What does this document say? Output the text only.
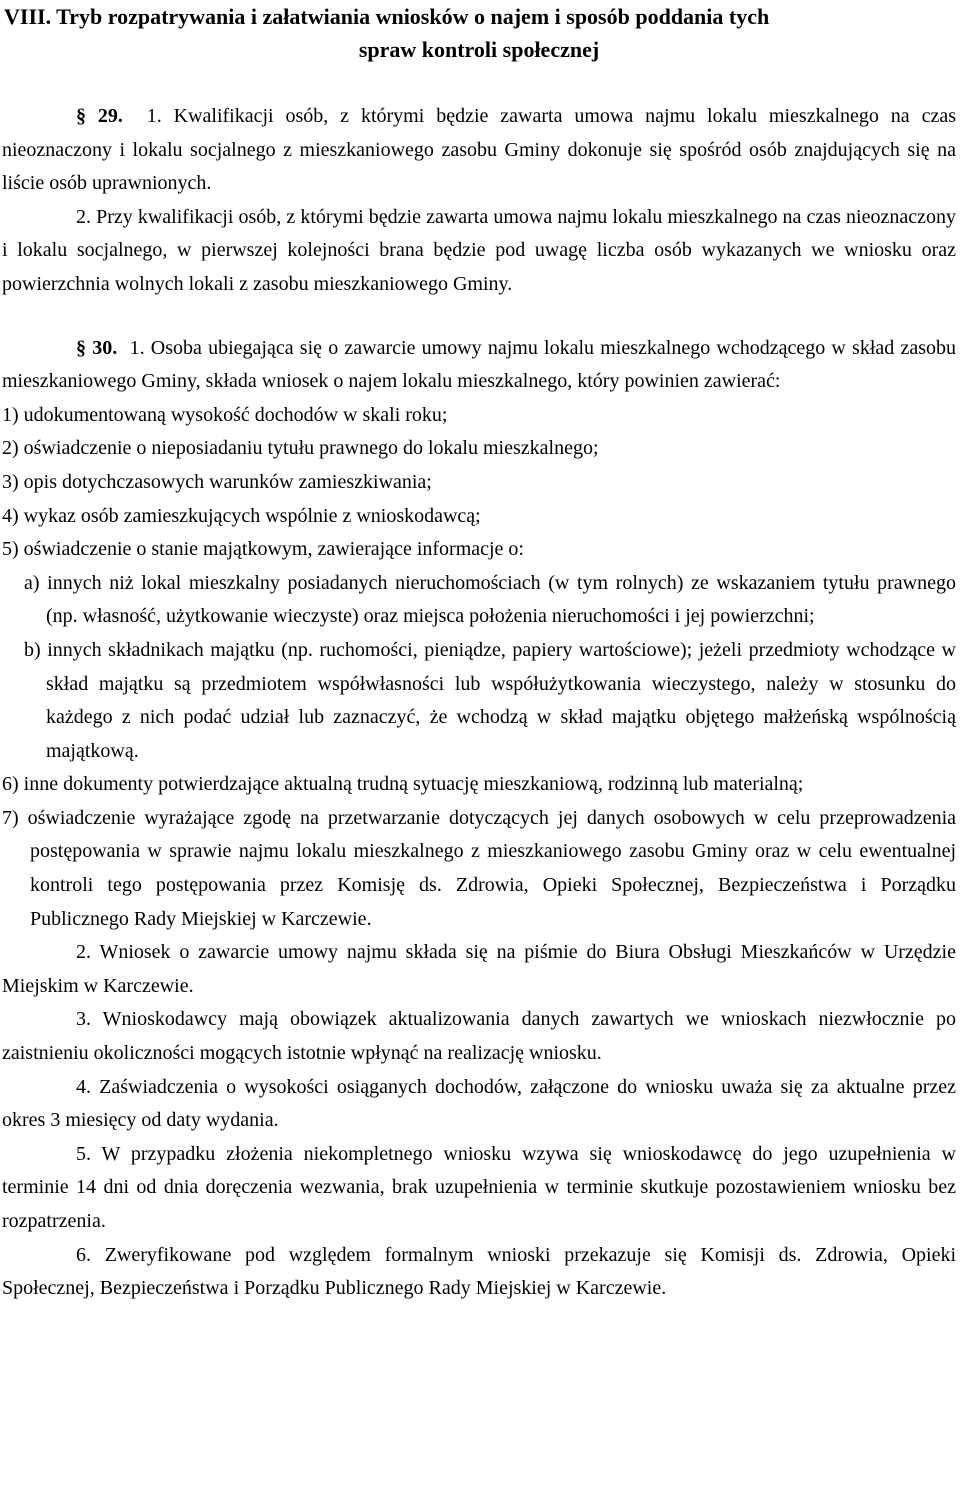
VIII. Tryb rozpatrywania i załatwiania wniosków o najem i sposób poddania tych
spraw kontroli społecznej

§ 29. 1. Kwalifikacji osób, z którymi będzie zawarta umowa najmu lokalu mieszkalnego na czas nieoznaczony i lokalu socjalnego z mieszkaniowego zasobu Gminy dokonuje się spośród osób znajdujących się na liście osób uprawnionych.

2. Przy kwalifikacji osób, z którymi będzie zawarta umowa najmu lokalu mieszkalnego na czas nieoznaczony i lokalu socjalnego, w pierwszej kolejności brana będzie pod uwagę liczba osób wykazanych we wniosku oraz powierzchnia wolnych lokali z zasobu mieszkaniowego Gminy.

§ 30. 1. Osoba ubiegająca się o zawarcie umowy najmu lokalu mieszkalnego wchodzącego w skład zasobu mieszkaniowego Gminy, składa wniosek o najem lokalu mieszkalnego, który powinien zawierać:

1) udokumentowaną wysokość dochodów w skali roku;

2) oświadczenie o nieposiadaniu tytułu prawnego do lokalu mieszkalnego;

3) opis dotychczasowych warunków zamieszkiwania;

4) wykaz osób zamieszkujących wspólnie z wnioskodawcą;

5) oświadczenie o stanie majątkowym, zawierające informacje o:

a) innych niż lokal mieszkalny posiadanych nieruchomościach (w tym rolnych) ze wskazaniem tytułu prawnego (np. własność, użytkowanie wieczyste) oraz miejsca położenia nieruchomości i jej powierzchni;

b) innych składnikach majątku (np. ruchomości, pieniądze, papiery wartościowe); jeżeli przedmioty wchodzące w skład majątku są przedmiotem współwłasności lub współużytkowania wieczystego, należy w stosunku do każdego z nich podać udział lub zaznaczyć, że wchodzą w skład majątku objętego małżeńską wspólnością majątkową.

6) inne dokumenty potwierdzające aktualną trudną sytuację mieszkaniową, rodzinną lub materialną;

7) oświadczenie wyrażające zgodę na przetwarzanie dotyczących jej danych osobowych w celu przeprowadzenia postępowania w sprawie najmu lokalu mieszkalnego z mieszkaniowego zasobu Gminy oraz w celu ewentualnej kontroli tego postępowania przez Komisję ds. Zdrowia, Opieki Społecznej, Bezpieczeństwa i Porządku Publicznego Rady Miejskiej w Karczewie.

2. Wniosek o zawarcie umowy najmu składa się na piśmie do Biura Obsługi Mieszkańców w Urzędzie Miejskim w Karczewie.

3. Wnioskodawcy mają obowiązek aktualizowania danych zawartych we wnioskach niezwłocznie po zaistnieniu okoliczności mogących istotnie wpłynąć na realizację wniosku.

4. Zaświadczenia o wysokości osiąganych dochodów, załączone do wniosku uważa się za aktualne przez okres 3 miesięcy od daty wydania.

5. W przypadku złożenia niekompletnego wniosku wzywa się wnioskodawcę do jego uzupełnienia w terminie 14 dni od dnia doręczenia wezwania, brak uzupełnienia w terminie skutkuje pozostawieniem wniosku bez rozpatrzenia.

6. Zweryfikowane pod względem formalnym wnioski przekazuje się Komisji ds. Zdrowia, Opieki Społecznej, Bezpieczeństwa i Porządku Publicznego Rady Miejskiej w Karczewie.
